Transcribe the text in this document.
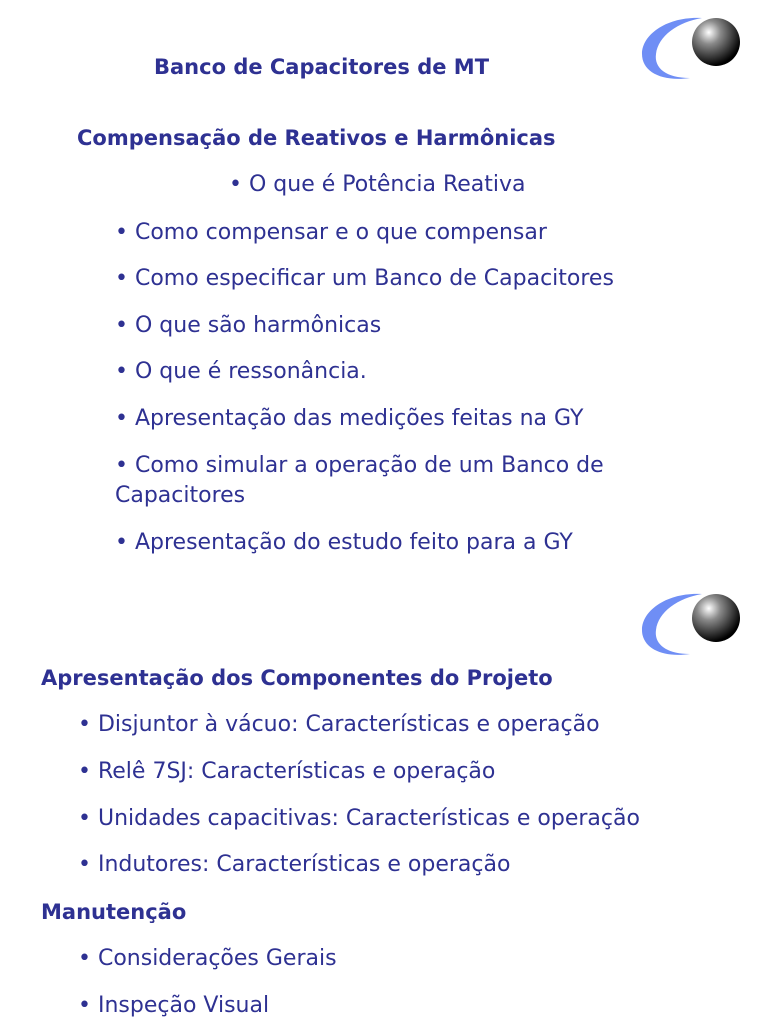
Banco de Capacitores de MT
Compensação de Reativos e Harmônicas
• O que é Potência Reativa
• Como compensar e o que compensar
• Como especificar um Banco de Capacitores
• O que são harmônicas
• O que é ressonância.
• Apresentação das medições feitas na GY
• Como simular a operação de um Banco de Capacitores
• Apresentação do estudo feito para a GY
Apresentação dos Componentes do Projeto
• Disjuntor à vácuo: Características e operação
• Relê 7SJ: Características e operação
• Unidades capacitivas: Características e operação
• Indutores: Características e operação
Manutenção
• Considerações Gerais
• Inspeção Visual
